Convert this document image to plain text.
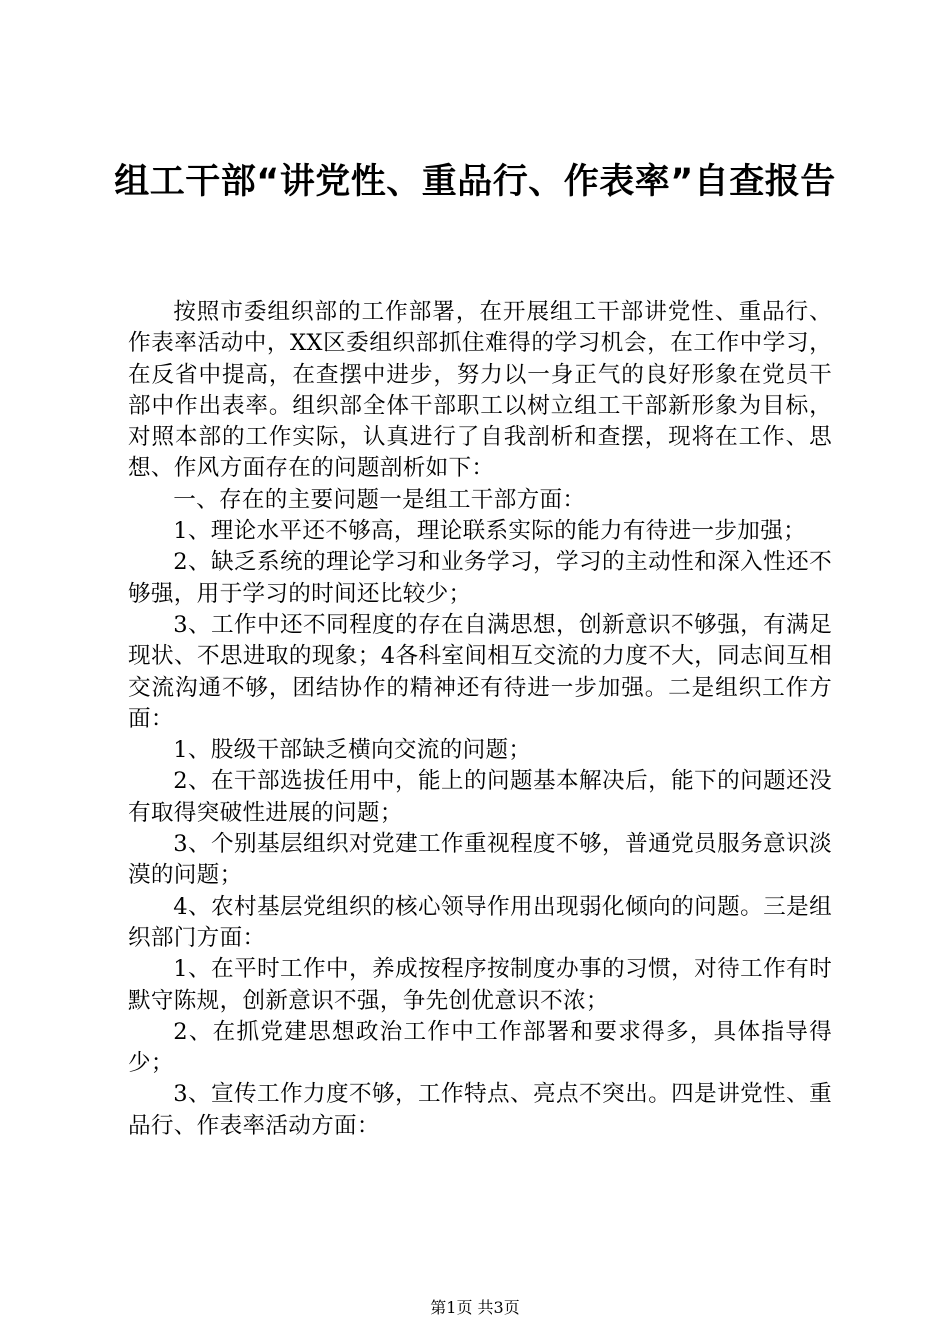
组工干部“讲党性、重品行、作表率”自查报告

按照市委组织部的工作部署，在开展组工干部讲党性、重品行、作表率活动中，XX区委组织部抓住难得的学习机会，在工作中学习，在反省中提高，在查摆中进步，努力以一身正气的良好形象在党员干部中作出表率。组织部全体干部职工以树立组工干部新形象为目标，对照本部的工作实际，认真进行了自我剖析和查摆，现将在工作、思想、作风方面存在的问题剖析如下：

一、存在的主要问题一是组工干部方面：

1、理论水平还不够高，理论联系实际的能力有待进一步加强；

2、缺乏系统的理论学习和业务学习，学习的主动性和深入性还不够强，用于学习的时间还比较少；

3、工作中还不同程度的存在自满思想，创新意识不够强，有满足现状、不思进取的现象；4各科室间相互交流的力度不大，同志间互相交流沟通不够，团结协作的精神还有待进一步加强。二是组织工作方面：

1、股级干部缺乏横向交流的问题；

2、在干部选拔任用中，能上的问题基本解决后，能下的问题还没有取得突破性进展的问题；

3、个别基层组织对党建工作重视程度不够，普通党员服务意识淡漠的问题；

4、农村基层党组织的核心领导作用出现弱化倾向的问题。三是组织部门方面：

1、在平时工作中，养成按程序按制度办事的习惯，对待工作有时默守陈规，创新意识不强，争先创优意识不浓；

2、在抓党建思想政治工作中工作部署和要求得多，具体指导得少；

3、宣传工作力度不够，工作特点、亮点不突出。四是讲党性、重品行、作表率活动方面：

第1页 共3页
